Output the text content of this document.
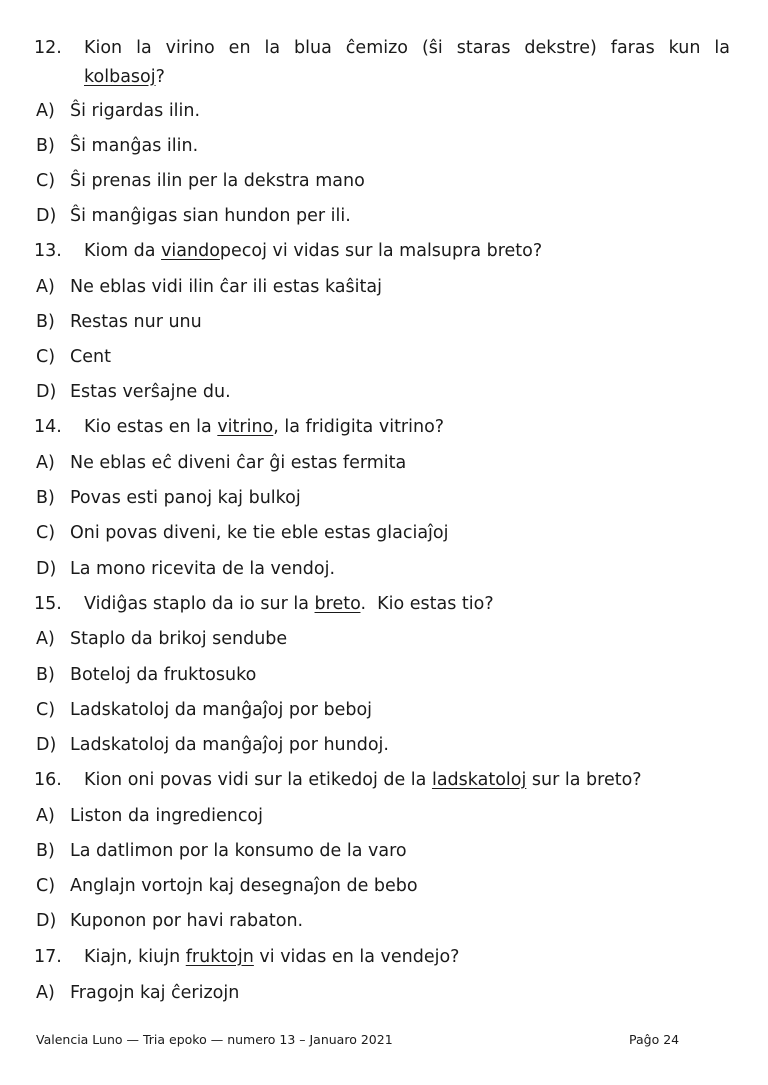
12. Kion la virino en la blua ĉemizo (ŝi staras dekstre) faras kun la
kolbasoj?
A) Ŝi rigardas ilin.
B) Ŝi manĝas ilin.
C) Ŝi prenas ilin per la dekstra mano
D) Ŝi manĝigas sian hundon per ili.
13. Kiom da viandopecoj vi vidas sur la malsupra breto?
A) Ne eblas vidi ilin ĉar ili estas kaŝitaj
B) Restas nur unu
C) Cent
D) Estas verŝajne du.
14. Kio estas en la vitrino, la fridigita vitrino?
A) Ne eblas eĉ diveni ĉar ĝi estas fermita
B) Povas esti panoj kaj bulkoj
C) Oni povas diveni, ke tie eble estas glaciaĵoj
D) La mono ricevita de la vendoj.
15. Vidiĝas staplo da io sur la breto.  Kio estas tio?
A) Staplo da brikoj sendube
B) Boteloj da fruktosuko
C) Ladskatoloj da manĝaĵoj por beboj
D) Ladskatoloj da manĝaĵoj por hundoj.
16. Kion oni povas vidi sur la etikedoj de la ladskatoloj sur la breto?
A) Liston da ingrediencoj
B) La datlimon por la konsumo de la varo
C) Anglajn vortojn kaj desegnaĵon de bebo
D) Kuponon por havi rabaton.
17. Kiajn, kiujn fruktojn vi vidas en la vendejo?
A) Fragojn kaj ĉerizojn
Valencia Luno — Tria epoko — numero 13 – Januaro 2021	Paĝo 24
